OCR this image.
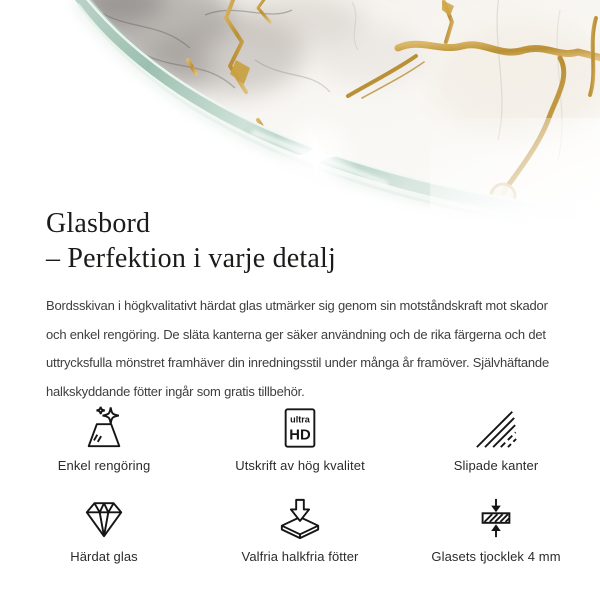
Glasbord
– Perfektion i varje detalj
Bordsskivan i högkvalitativt härdat glas utmärker sig genom sin motståndskraft mot skador
och enkel rengöring. De släta kanterna ger säker användning och de rika färgerna och det
uttrycksfulla mönstret framhäver din inredningsstil under många år framöver. Självhäftande
halkskyddande fötter ingår som gratis tillbehör.
Enkel rengöring
ultra
HD
Utskrift av hög kvalitet	Slipade kanter
Härdat glas	Valfria halkfria fötter	Glasets tjocklek 4 mm
